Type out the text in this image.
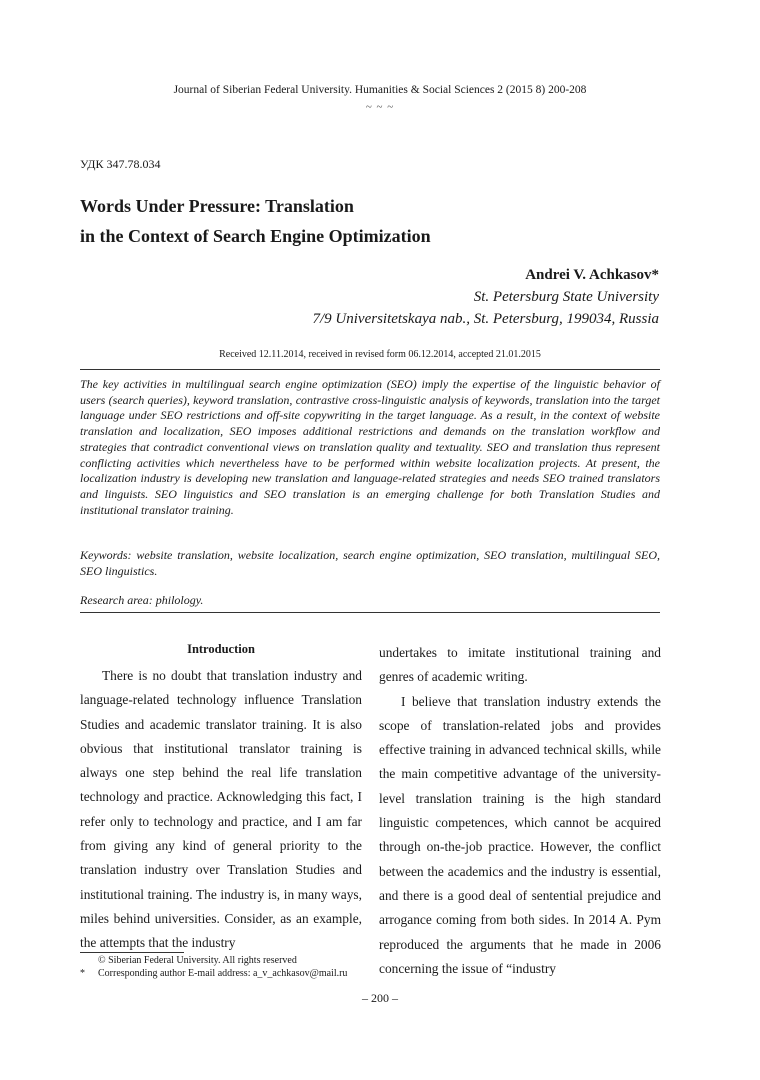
Journal of Siberian Federal University. Humanities & Social Sciences 2 (2015 8) 200-208
~ ~ ~
УДК 347.78.034
Words Under Pressure: Translation
in the Context of Search Engine Optimization
Andrei V. Achkasov*
St. Petersburg State University
7/9 Universitetskaya nab., St. Petersburg, 199034, Russia
Received 12.11.2014, received in revised form 06.12.2014, accepted 21.01.2015

The key activities in multilingual search engine optimization (SEO) imply the expertise of the linguistic behavior of users (search queries), keyword translation, contrastive cross-linguistic analysis of keywords, translation into the target language under SEO restrictions and off-site copywriting in the target language. As a result, in the context of website translation and localization, SEO imposes additional restrictions and demands on the translation workflow and strategies that contradict conventional views on translation quality and textuality. SEO and translation thus represent conflicting activities which nevertheless have to be performed within website localization projects. At present, the localization industry is developing new translation and language-related strategies and needs SEO trained translators and linguists. SEO linguistics and SEO translation is an emerging challenge for both Translation Studies and institutional translator training.

Keywords: website translation, website localization, search engine optimization, SEO translation, multilingual SEO, SEO linguistics.
Research area: philology.

Introduction

There is no doubt that translation industry and language-related technology influence Translation Studies and academic translator training. It is also obvious that institutional translator training is always one step behind the real life translation technology and practice. Acknowledging this fact, I refer only to technology and practice, and I am far from giving any kind of general priority to the translation industry over Translation Studies and institutional training. The industry is, in many ways, miles behind universities. Consider, as an example, the attempts that the industry

undertakes to imitate institutional training and genres of academic writing.

I believe that translation industry extends the scope of translation-related jobs and provides effective training in advanced technical skills, while the main competitive advantage of the university-level translation training is the high standard linguistic competences, which cannot be acquired through on-the-job practice. However, the conflict between the academics and the industry is essential, and there is a good deal of sentential prejudice and arrogance coming from both sides. In 2014 A. Pym reproduced the arguments that he made in 2006 concerning the issue of “industry

© Siberian Federal University. All rights reserved
* Corresponding author E-mail address: a_v_achkasov@mail.ru
– 200 –
